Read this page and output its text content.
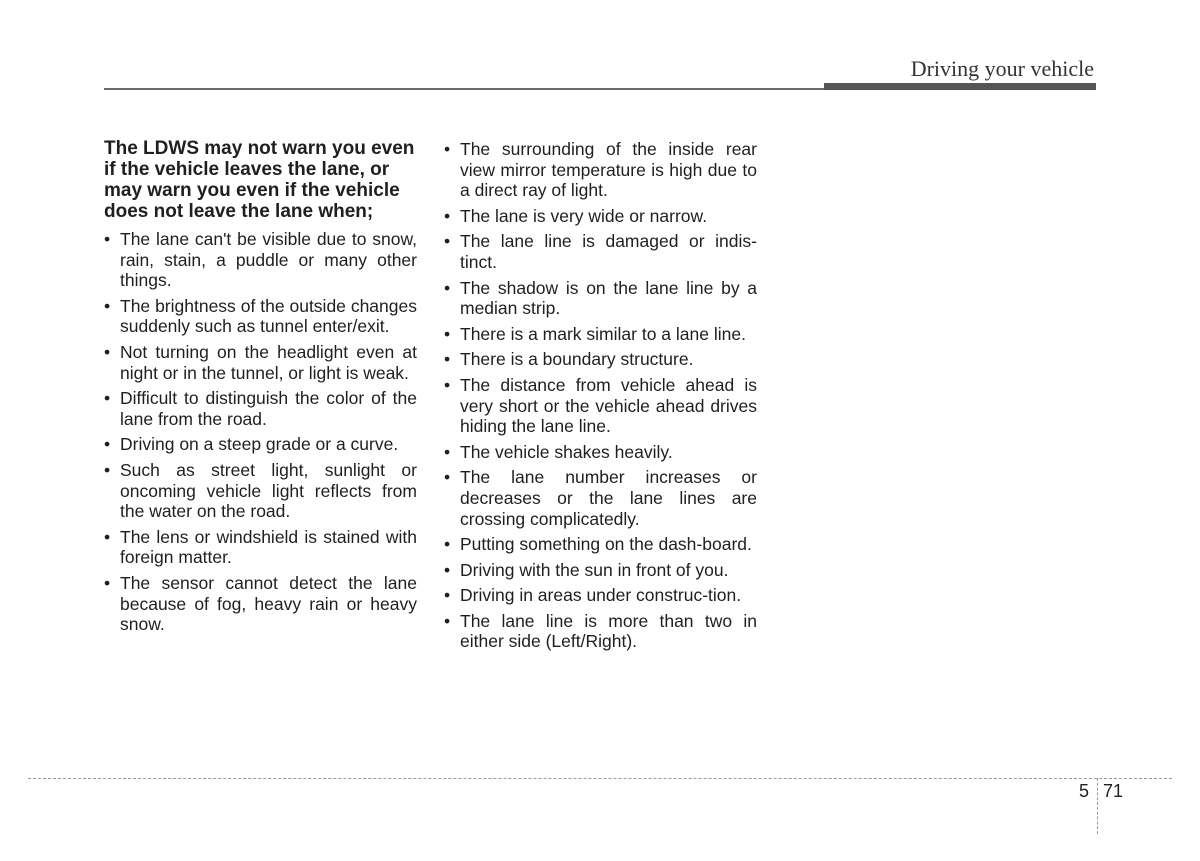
Driving your vehicle
The LDWS may not warn you even if the vehicle leaves the lane, or may warn you even if the vehicle does not leave the lane when;
• The lane can't be visible due to snow, rain, stain, a puddle or many other things.
• The brightness of the outside changes suddenly such as tunnel enter/exit.
• Not turning on the headlight even at night or in the tunnel, or light is weak.
• Difficult to distinguish the color of the lane from the road.
• Driving on a steep grade or a curve.
• Such as street light, sunlight or oncoming vehicle light reflects from the water on the road.
• The lens or windshield is stained with foreign matter.
• The sensor cannot detect the lane because of fog, heavy rain or heavy snow.
• The surrounding of the inside rear view mirror temperature is high due to a direct ray of light.
• The lane is very wide or narrow.
• The lane line is damaged or indis-tinct.
• The shadow is on the lane line by a median strip.
• There is a mark similar to a lane line.
• There is a boundary structure.
• The distance from vehicle ahead is very short or the vehicle ahead drives hiding the lane line.
• The vehicle shakes heavily.
• The lane number increases or decreases or the lane lines are crossing complicatedly.
• Putting something on the dash-board.
• Driving with the sun in front of you.
• Driving in areas under construc-tion.
• The lane line is more than two in either side (Left/Right).
5 71
